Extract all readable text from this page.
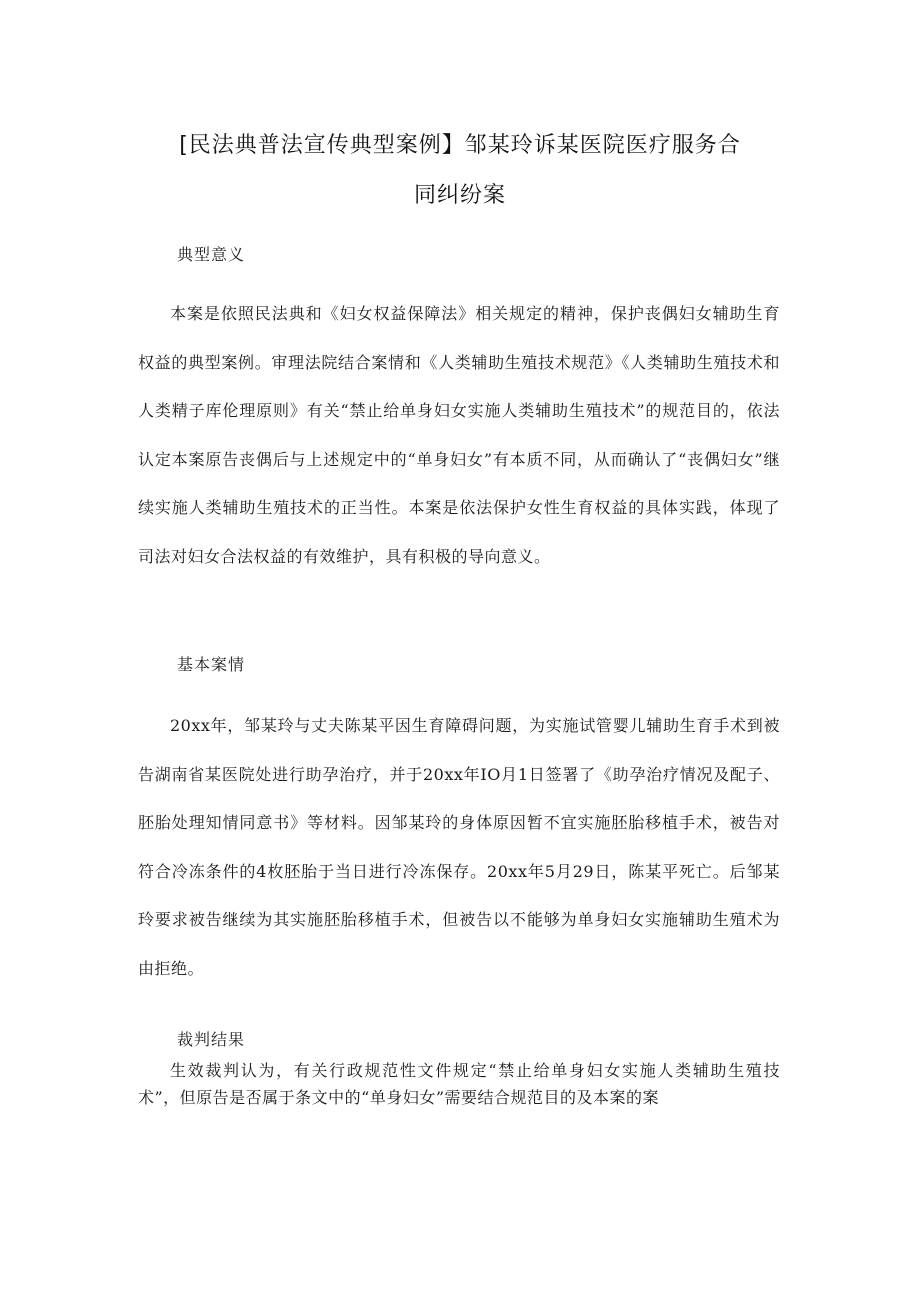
[民法典普法宣传典型案例】邹某玲诉某医院医疗服务合
同纠纷案
典型意义

本案是依照民法典和《妇女权益保障法》相关规定的精神，保护丧偶妇女辅助生育权益的典型案例。审理法院结合案情和《人类辅助生殖技术规范》《人类辅助生殖技术和人类精子库伦理原则》有关“禁止给单身妇女实施人类辅助生殖技术”的规范目的，依法认定本案原告丧偶后与上述规定中的“单身妇女”有本质不同，从而确认了“丧偶妇女”继续实施人类辅助生殖技术的正当性。本案是依法保护女性生育权益的具体实践，体现了司法对妇女合法权益的有效维护，具有积极的导向意义。

基本案情

20xx年，邹某玲与丈夫陈某平因生育障碍问题，为实施试管婴儿辅助生育手术到被告湖南省某医院处进行助孕治疗，并于20xx年IO月1日签署了《助孕治疗情况及配子、胚胎处理知情同意书》等材料。因邹某玲的身体原因暂不宜实施胚胎移植手术，被告对符合冷冻条件的4枚胚胎于当日进行冷冻保存。20xx年5月29日，陈某平死亡。后邹某玲要求被告继续为其实施胚胎移植手术，但被告以不能够为单身妇女实施辅助生殖术为由拒绝。

裁判结果

生效裁判认为，有关行政规范性文件规定“禁止给单身妇女实施人类辅助生殖技术”，但原告是否属于条文中的“单身妇女”需要结合规范目的及本案的案
